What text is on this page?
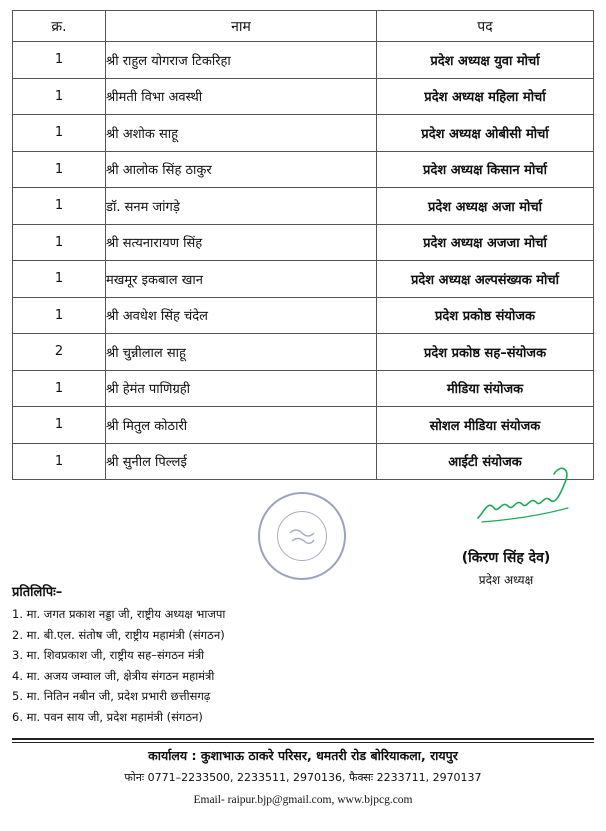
क्र.	नाम	पद
1	श्री राहुल योगराज टिकरिहा	प्रदेश अध्यक्ष युवा मोर्चा
1	श्रीमती विभा अवस्थी	प्रदेश अध्यक्ष महिला मोर्चा
1	श्री अशोक साहू	प्रदेश अध्यक्ष ओबीसी मोर्चा
1	श्री आलोक सिंह ठाकुर	प्रदेश अध्यक्ष किसान मोर्चा
1	डॉ. सनम जांगड़े	प्रदेश अध्यक्ष अजा मोर्चा
1	श्री सत्यनारायण सिंह	प्रदेश अध्यक्ष अजजा मोर्चा
1	मखमूर इकबाल खान	प्रदेश अध्यक्ष अल्पसंख्यक मोर्चा
1	श्री अवधेश सिंह चंदेल	प्रदेश प्रकोष्ठ संयोजक
2	श्री चुन्नीलाल साहू	प्रदेश प्रकोष्ठ सह–संयोजक
1	श्री हेमंत पाणिग्रही	मीडिया संयोजक
1	श्री मितुल कोठारी	सोशल मीडिया संयोजक
1	श्री सुनील पिल्लई	आईटी संयोजक
(किरण सिंह देव)
प्रदेश अध्यक्ष
प्रतिलिपिः–
1. मा. जगत प्रकाश नड्डा जी, राष्ट्रीय अध्यक्ष भाजपा
2. मा. बी.एल. संतोष जी, राष्ट्रीय महामंत्री (संगठन)
3. मा. शिवप्रकाश जी, राष्ट्रीय सह–संगठन मंत्री
4. मा. अजय जम्वाल जी, क्षेत्रीय संगठन महामंत्री
5. मा. नितिन नबीन जी, प्रदेश प्रभारी छत्तीसगढ़
6. मा. पवन साय जी, प्रदेश महामंत्री (संगठन)
कार्यालय : कुशाभाऊ ठाकरे परिसर, धमतरी रोड बोरियाकला, रायपुर
फोनः 0771–2233500, 2233511, 2970136, फैक्सः 2233711, 2970137
Email- raipur.bjp@gmail.com, www.bjpcg.com
